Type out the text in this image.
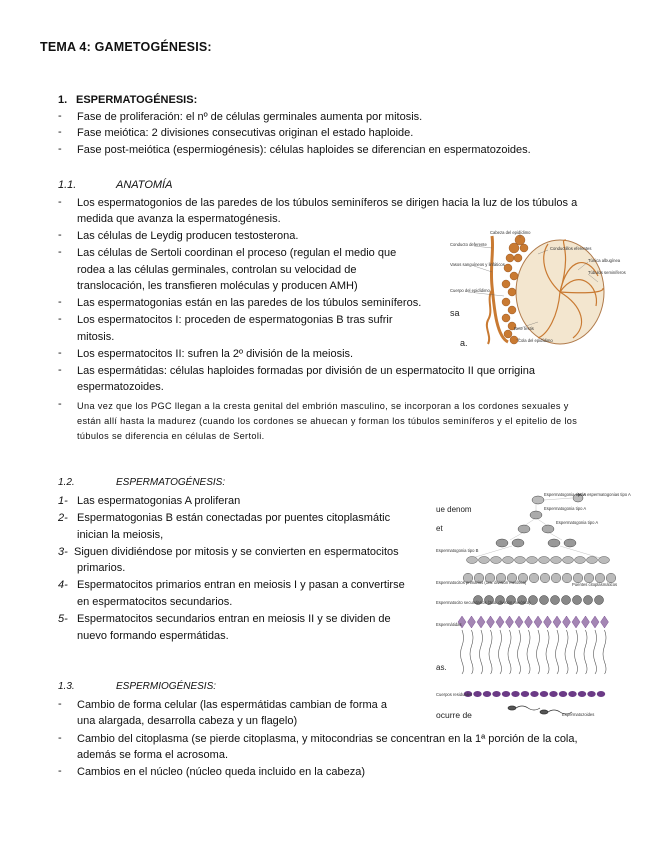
TEMA 4: GAMETOGÉNESIS:
1. ESPERMATOGÉNESIS:
-	Fase de proliferación: el nº de células germinales aumenta por mitosis.
-	Fase meiótica: 2 divisiones consecutivas originan el estado haploide.
-	Fase post-meiótica (espermiogénesis): células haploides se diferencian en espermatozoides.
1.1.	ANATOMÍA
-	Los espermatogonios de las paredes de los túbulos seminíferos se dirigen hacia la luz de los túbulos a
medida que avanza la espermatogénesis.
-	Las células de Leydig producen testosterona.
-	Las células de Sertoli coordinan el proceso (regulan el medio que
rodea a las células germinales, controlan su velocidad de
translocación, les transfieren moléculas y producen AMH)
-	Las espermatogonias están en las paredes de los túbulos seminíferos.
-	Los espermatocitos I: proceden de espermatogonias B tras sufrir
mitosis.
-	Los espermatocitos II: sufren la 2º división de la meiosis.
-	Las espermátidas: células haploides formadas por división de un espermatocito II que orrigina
espermatozoides.
-	Una vez que los PGC llegan a la cresta genital del embrión masculino, se incorporan a los cordones sexuales y
están allí hasta la madurez (cuando los cordones se ahuecan y forman los túbulos seminíferos y el epitelio de los
túbulos se diferencia en células de Sertoli.
Cabeza del epidídimo
Conducto deferente
Vasos sanguíneos y linfáticos
Conductillos eferentes
Túnica albugínea
Túbulos seminíferos
Cuerpo del epidídimo
Rete testis
Cola del epidídimo
sa
a.
1.2.	ESPERMATOGÉNESIS:
1- Las espermatogonias A proliferan
2- Espermatogonias B están conectadas por puentes citoplasmátic
inician la meiosis,
3- Siguen dividiéndose por mitosis y se convierten en espermatocitos
primarios.
4- Espermatocitos primarios entran en meiosis I y pasan a convertirse
en espermatocitos secundarios.
5- Espermatocitos secundarios entran en meiosis II y se dividen de
nuevo formando espermátidas.
ue denom
et
Más espermatogonias tipo A
Espermatogonia tipo A
Espermatogonia tipo A
Espermatogonia tipo A
Espermatogonia tipo B
Espermatocitos primarios (1ra. división meiótica)	Puentes citoplasmáticos
Espermatocito secundarios (2da. división meiótica)
Espermátidas
as.
Cuerpos residuales
ocurre de	Espermatozoides
1.3.	ESPERMIOGÉNESIS:
-	Cambio de forma celular (las espermátidas cambian de forma a
una alargada, desarrolla cabeza y un flagelo)
-	Cambio del citoplasma (se pierde citoplasma, y mitocondrias se concentran en la 1ª porción de la cola,
además se forma el acrosoma.
-	Cambios en el núcleo (núcleo queda incluido en la cabeza)
